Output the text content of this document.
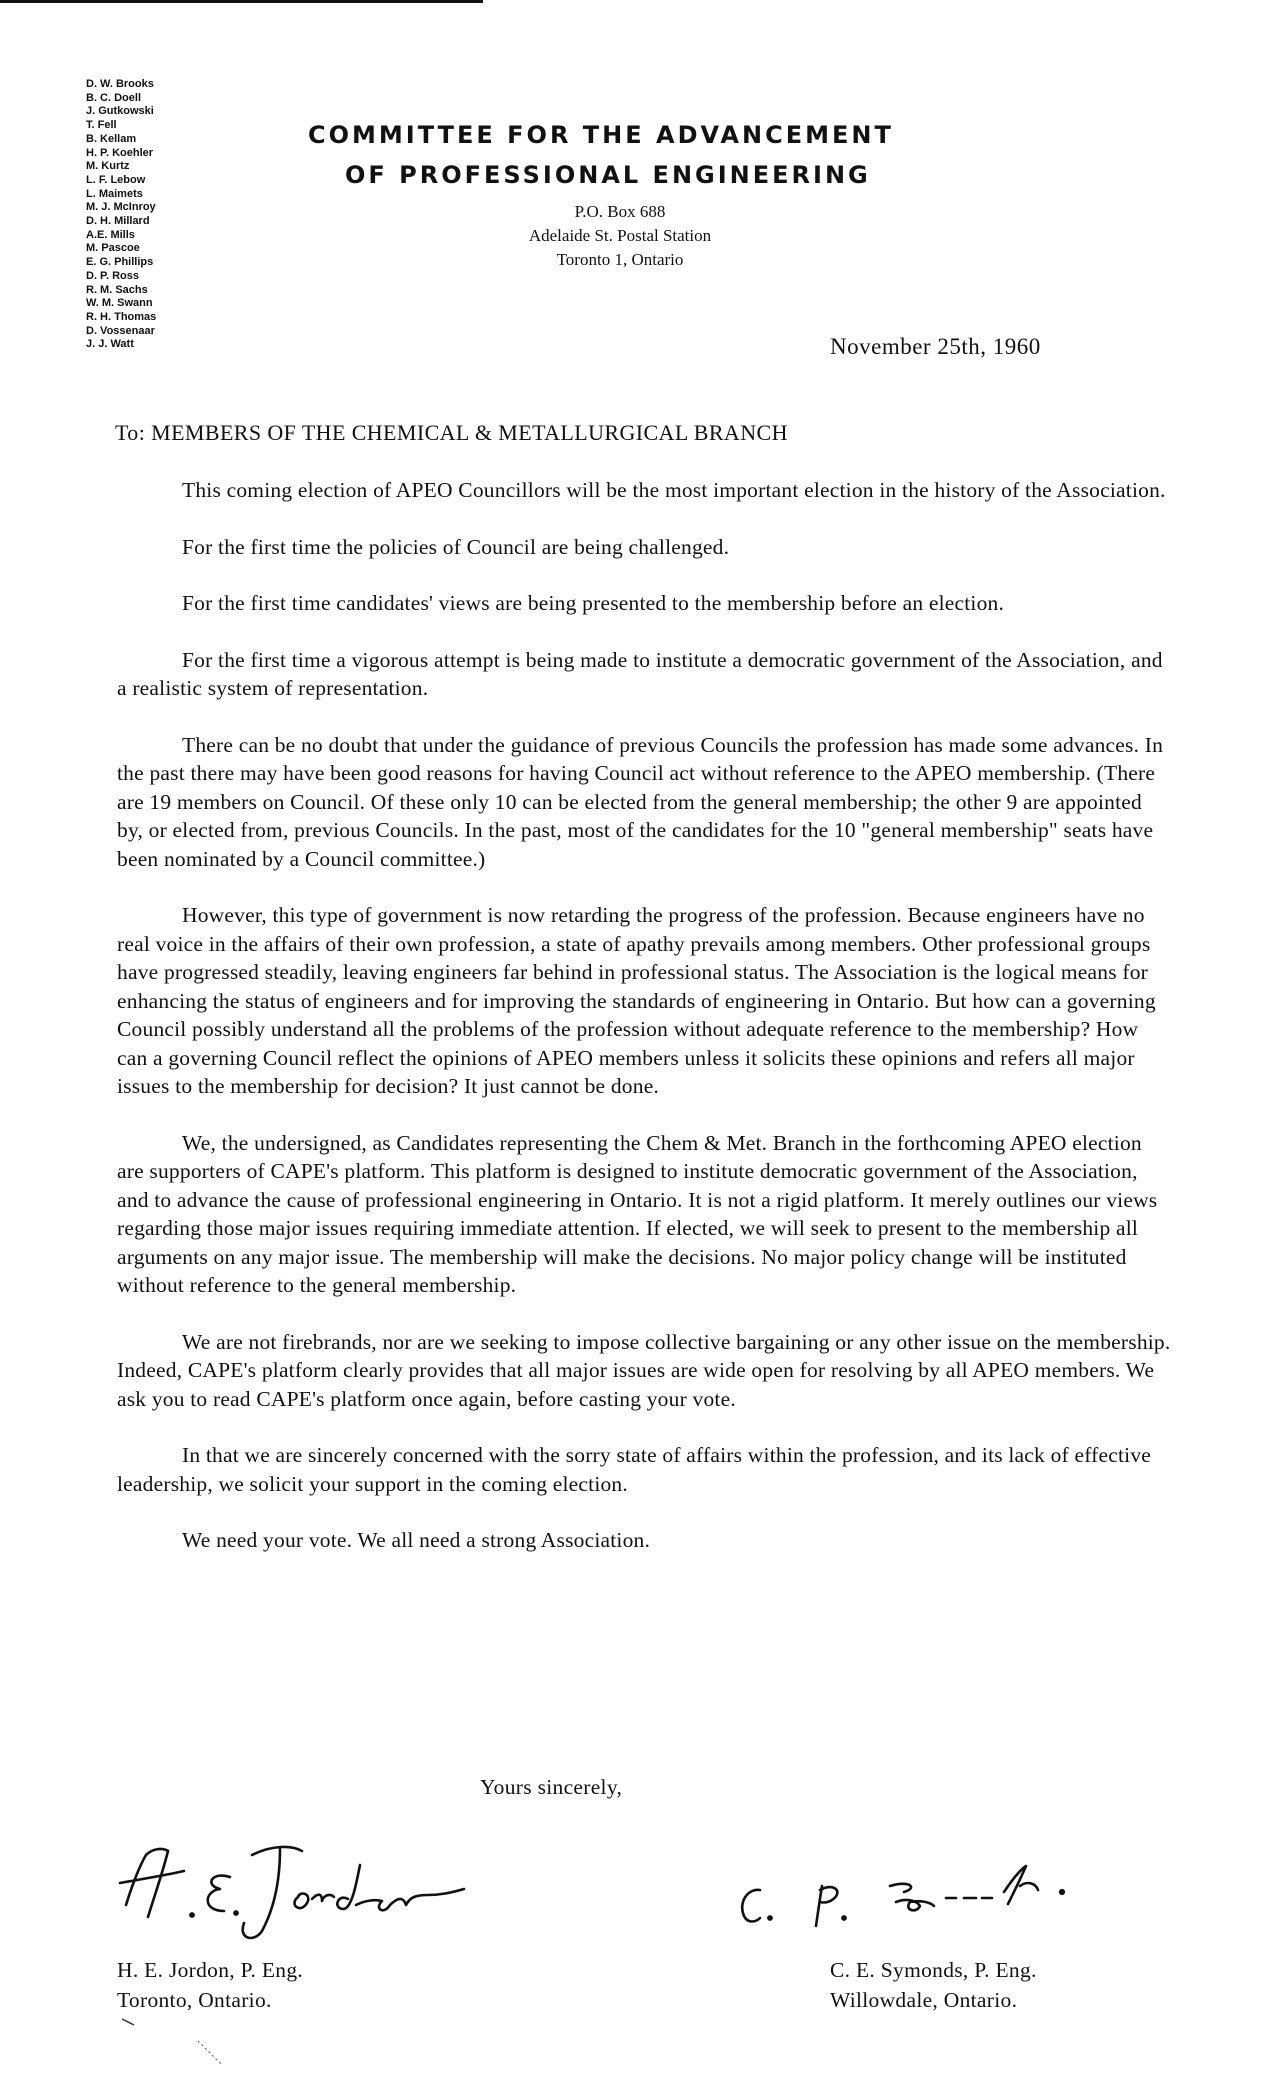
D. W. Brooks
B. C. Doell
J. Gutkowski
T. Fell
B. Kellam
H. P. Koehler
M. Kurtz
L. F. Lebow
L. Maimets
M. J. McInroy
D. H. Millard
A.E. Mills
M. Pascoe
E. G. Phillips
D. P. Ross
R. M. Sachs
W. M. Swann
R. H. Thomas
D. Vossenaar
J. J. Watt
COMMITTEE FOR THE ADVANCEMENT
OF PROFESSIONAL ENGINEERING
P.O. Box 688
Adelaide St. Postal Station
Toronto 1, Ontario
November 25th, 1960
To: MEMBERS OF THE CHEMICAL & METALLURGICAL BRANCH

This coming election of APEO Councillors will be the most important election in the history of the Association.

For the first time the policies of Council are being challenged.

For the first time candidates' views are being presented to the membership before an election.

For the first time a vigorous attempt is being made to institute a democratic government of the Association, and a realistic system of representation.

There can be no doubt that under the guidance of previous Councils the profession has made some advances. In the past there may have been good reasons for having Council act without reference to the APEO membership. (There are 19 members on Council. Of these only 10 can be elected from the general membership; the other 9 are appointed by, or elected from, previous Councils. In the past, most of the candidates for the 10 "general membership" seats have been nominated by a Council committee.)

However, this type of government is now retarding the progress of the profession. Because engineers have no real voice in the affairs of their own profession, a state of apathy prevails among members. Other professional groups have progressed steadily, leaving engineers far behind in professional status. The Association is the logical means for enhancing the status of engineers and for improving the standards of engineering in Ontario. But how can a governing Council possibly understand all the problems of the profession without adequate reference to the membership? How can a governing Council reflect the opinions of APEO members unless it solicits these opinions and refers all major issues to the membership for decision? It just cannot be done.

We, the undersigned, as Candidates representing the Chem & Met. Branch in the forthcoming APEO election are supporters of CAPE's platform. This platform is designed to institute democratic government of the Association, and to advance the cause of professional engineering in Ontario. It is not a rigid platform. It merely outlines our views regarding those major issues requiring immediate attention. If elected, we will seek to present to the membership all arguments on any major issue. The membership will make the decisions. No major policy change will be instituted without reference to the general membership.

We are not firebrands, nor are we seeking to impose collective bargaining or any other issue on the membership. Indeed, CAPE's platform clearly provides that all major issues are wide open for resolving by all APEO members. We ask you to read CAPE's platform once again, before casting your vote.

In that we are sincerely concerned with the sorry state of affairs within the profession, and its lack of effective leadership, we solicit your support in the coming election.

We need your vote. We all need a strong Association.

Yours sincerely,
H. E. Jordon, P. Eng.
Toronto, Ontario.
C. E. Symonds, P. Eng.
Willowdale, Ontario.
